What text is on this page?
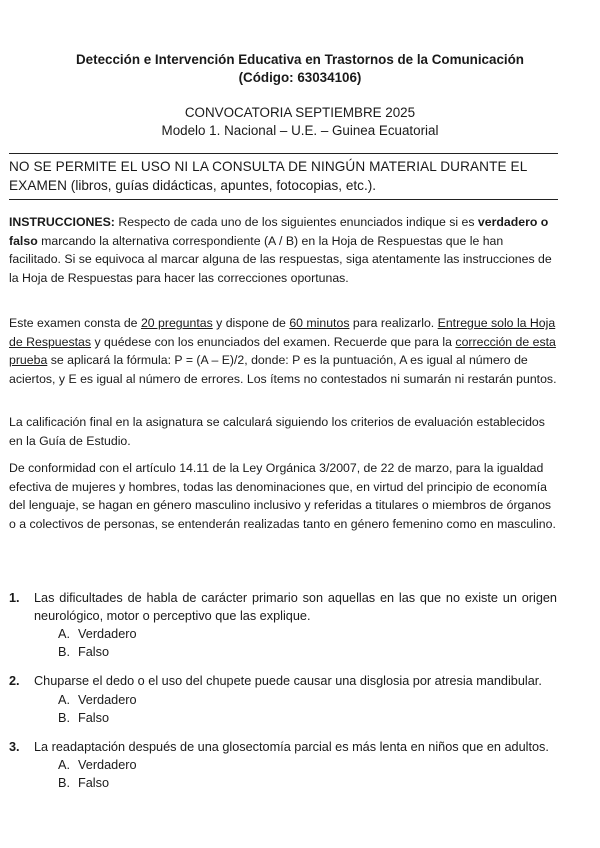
Detección e Intervención Educativa en Trastornos de la Comunicación
(Código: 63034106)
CONVOCATORIA SEPTIEMBRE 2025
Modelo 1. Nacional – U.E. – Guinea Ecuatorial
NO SE PERMITE EL USO NI LA CONSULTA DE NINGÚN MATERIAL DURANTE EL EXAMEN (libros, guías didácticas, apuntes, fotocopias, etc.).
INSTRUCCIONES: Respecto de cada uno de los siguientes enunciados indique si es verdadero o falso marcando la alternativa correspondiente (A / B) en la Hoja de Respuestas que le han facilitado. Si se equivoca al marcar alguna de las respuestas, siga atentamente las instrucciones de la Hoja de Respuestas para hacer las correcciones oportunas.
Este examen consta de 20 preguntas y dispone de 60 minutos para realizarlo. Entregue solo la Hoja de Respuestas y quédese con los enunciados del examen. Recuerde que para la corrección de esta prueba se aplicará la fórmula: P = (A – E)/2, donde: P es la puntuación, A es igual al número de aciertos, y E es igual al número de errores. Los ítems no contestados ni sumarán ni restarán puntos.
La calificación final en la asignatura se calculará siguiendo los criterios de evaluación establecidos en la Guía de Estudio.
De conformidad con el artículo 14.11 de la Ley Orgánica 3/2007, de 22 de marzo, para la igualdad efectiva de mujeres y hombres, todas las denominaciones que, en virtud del principio de economía del lenguaje, se hagan en género masculino inclusivo y referidas a titulares o miembros de órganos o a colectivos de personas, se entenderán realizadas tanto en género femenino como en masculino.
1. Las dificultades de habla de carácter primario son aquellas en las que no existe un origen neurológico, motor o perceptivo que las explique.
A. Verdadero
B. Falso
2. Chuparse el dedo o el uso del chupete puede causar una disglosia por atresia mandibular.
A. Verdadero
B. Falso
3. La readaptación después de una glosectomía parcial es más lenta en niños que en adultos.
A. Verdadero
B. Falso
